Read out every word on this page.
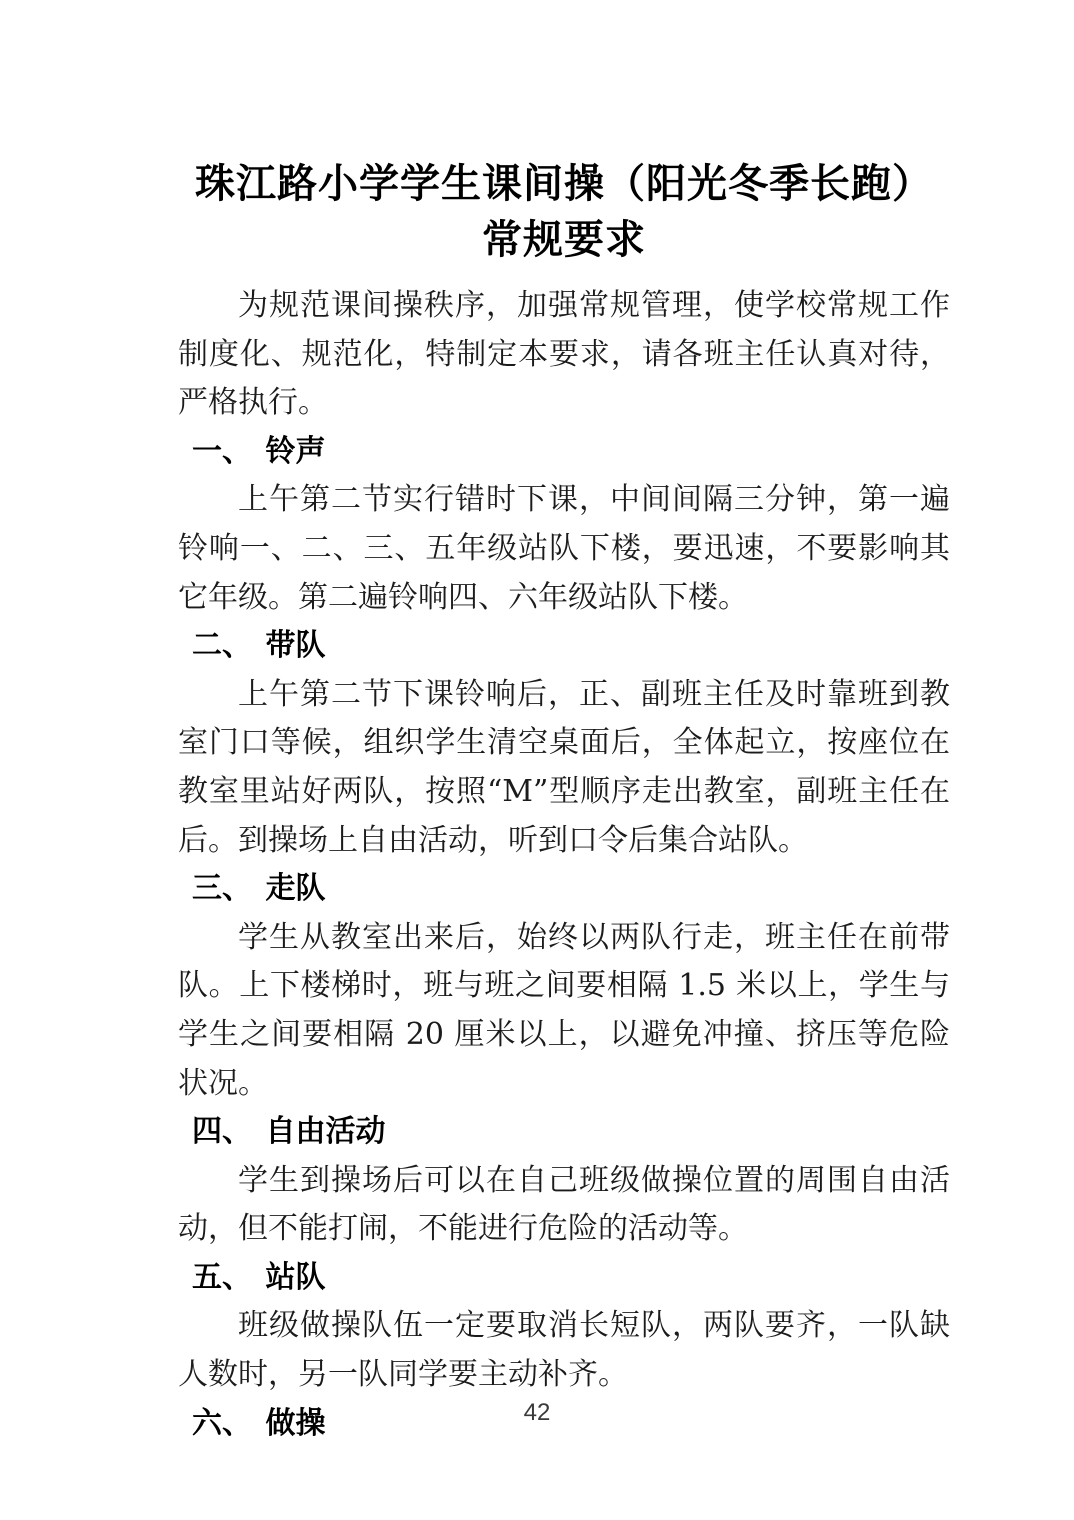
珠江路小学学生课间操（阳光冬季长跑）
常规要求

为规范课间操秩序，加强常规管理，使学校常规工作制度化、规范化，特制定本要求，请各班主任认真对待，严格执行。

一、 铃声

上午第二节实行错时下课，中间间隔三分钟，第一遍铃响一、二、三、五年级站队下楼，要迅速，不要影响其它年级。第二遍铃响四、六年级站队下楼。

二、 带队

上午第二节下课铃响后，正、副班主任及时靠班到教室门口等候，组织学生清空桌面后，全体起立，按座位在教室里站好两队，按照“M”型顺序走出教室，副班主任在后。到操场上自由活动，听到口令后集合站队。

三、 走队

学生从教室出来后，始终以两队行走，班主任在前带队。上下楼梯时，班与班之间要相隔 1.5 米以上，学生与学生之间要相隔 20 厘米以上，以避免冲撞、挤压等危险状况。

四、 自由活动

学生到操场后可以在自己班级做操位置的周围自由活动，但不能打闹，不能进行危险的活动等。

五、 站队

班级做操队伍一定要取消长短队，两队要齐，一队缺人数时，另一队同学要主动补齐。

六、 做操	42
